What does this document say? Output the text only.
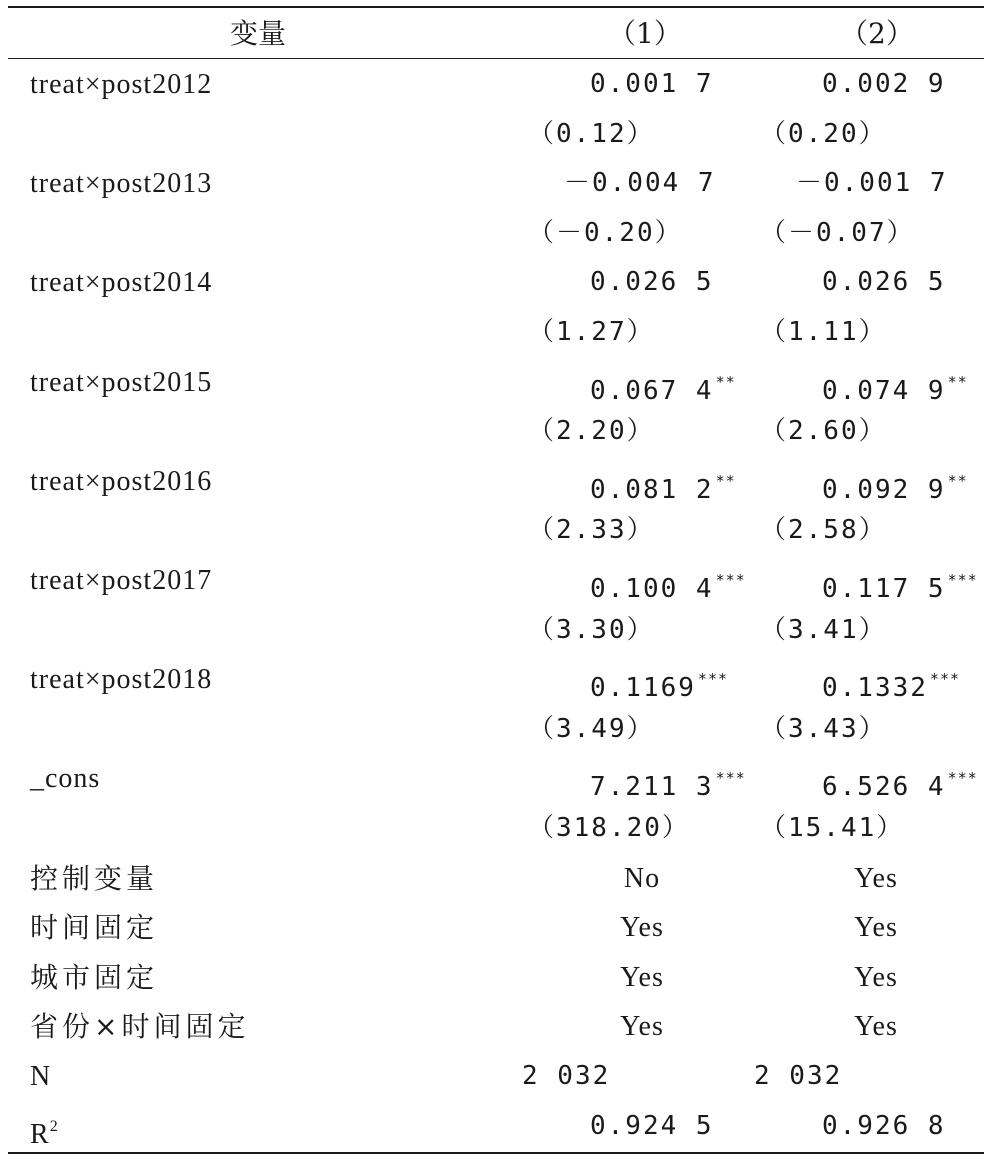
变量	（1）	（2）
treat×post2012	0.001 7	0.002 9
（0.12）	（0.20）
treat×post2013	－0.004 7	－0.001 7
（－0.20）	（－0.07）
treat×post2014	0.026 5	0.026 5
（1.27）	（1.11）
treat×post2015	0.067 4 **	0.074 9 **
（2.20）	（2.60）
treat×post2016	0.081 2 **	0.092 9 **
（2.33）	（2.58）
treat×post2017	0.100 4 ***	0.117 5 ***
（3.30）	（3.41）
treat×post2018	0.1169 ***	0.1332 ***
（3.49）	（3.43）
_cons	7.211 3 ***	6.526 4 ***
（318.20）	（15.41）
控制变量	No	Yes
时间固定	Yes	Yes
城市固定	Yes	Yes
省份×时间固定	Yes	Yes
N	2 032	2 032
$R^2$	0.924 5	0.926 8
